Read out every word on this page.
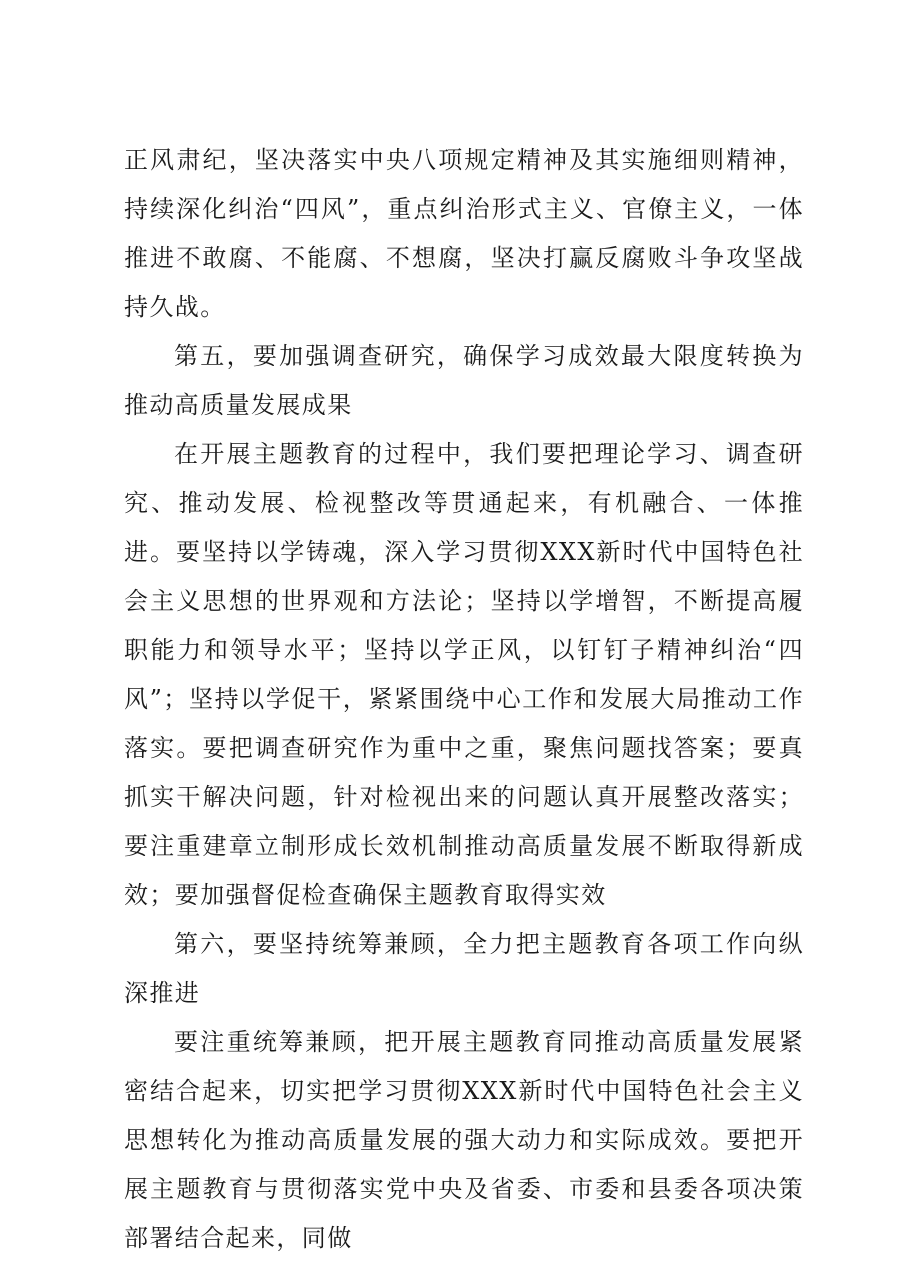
正风肃纪，坚决落实中央八项规定精神及其实施细则精神，持续深化纠治“四风”，重点纠治形式主义、官僚主义，一体推进不敢腐、不能腐、不想腐，坚决打赢反腐败斗争攻坚战持久战。

第五，要加强调查研究，确保学习成效最大限度转换为推动高质量发展成果

在开展主题教育的过程中，我们要把理论学习、调查研究、推动发展、检视整改等贯通起来，有机融合、一体推进。要坚持以学铸魂，深入学习贯彻XXX新时代中国特色社会主义思想的世界观和方法论；坚持以学增智，不断提高履职能力和领导水平；坚持以学正风，以钉钉子精神纠治“四风”；坚持以学促干，紧紧围绕中心工作和发展大局推动工作落实。要把调查研究作为重中之重，聚焦问题找答案；要真抓实干解决问题，针对检视出来的问题认真开展整改落实；要注重建章立制形成长效机制推动高质量发展不断取得新成效；要加强督促检查确保主题教育取得实效

第六，要坚持统筹兼顾，全力把主题教育各项工作向纵深推进

要注重统筹兼顾，把开展主题教育同推动高质量发展紧密结合起来，切实把学习贯彻XXX新时代中国特色社会主义思想转化为推动高质量发展的强大动力和实际成效。要把开展主题教育与贯彻落实党中央及省委、市委和县委各项决策部署结合起来，同做
